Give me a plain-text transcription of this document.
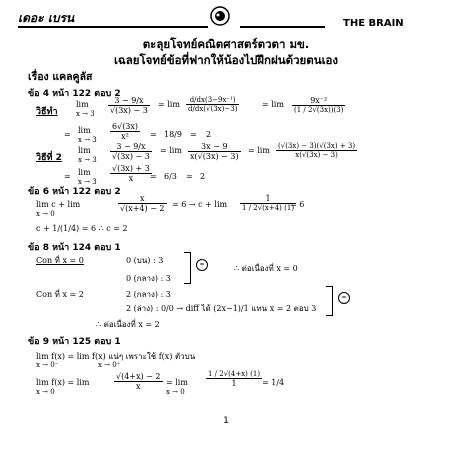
เดอะ เบรน	THE BRAIN
ตะลุยโจทย์คณิตศาสตร์ตวตา มข.
เฉลยโจทย์ข้อที่ฟากให้น้องไปฝึกฝนด้วยตนเอง
เรื่อง แคลคูลัส
ข้อ 4 หน้า 122 ตอบ 2
วิธีทำ
lim
$x \to 3 \frac{3 - 9/x}{√(3x) - 3} = \lim \frac{\text{d/dx(3−9x⁻¹)}}{d/dx(√(3x)-3)}$	= $\lim \frac{\text{9x⁻²}}{(1 / 2√(3x))(3)}$
= lim
$x \to 3 \frac{6√(3x)}{\text{x²}} = 18/9 = 2$
วิธีที่ 2
lim
$x \to 3 \frac{3 - 9/x}{√(3x) - 3} = \lim \frac{3x - 9}{x(√(3x) - 3)} = \lim \frac{(√(3x) - 3)(√(3x) + 3)}{x(√(3x) - 3)}$
= lim
$x \to 3 \frac{√(3x) + 3}{x}$
= 6/3 = 2
ข้อ 6 หน้า 122 ตอบ 2
lim c + lim
x → 0
$\frac{x}{√(x+4) - 2} = 6 \to c + \lim \frac{1}{1 / 2√(x+4) (1)}$
= 6
c + 1/(1/4) = 6 ∴ c = 2
ข้อ 8 หน้า 124 ตอบ 1
Con ที่ x = 0	0 (บน) : 3
0 (กลาง) : 3
=	∴ ต่อเนื่องที่ x = 0
Con ที่ x = 2	2 (กลาง) : 3
2 (ล่าง) : 0/0 → diff ได้ (2x−1)/1 แทน x = 2 ตอบ 3
=
∴ ต่อเนื่องที่ x = 2
ข้อ 9 หน้า 125 ตอบ 1
lim f(x) = lim f(x) แน่ๆ เพราะใช้ f(x) ตัวบน
x → 0⁻	x → 0⁺
lim f(x) = lim
x → 0
$\frac{√(4+x) - 2}{x} = \lim$
x → 0
$\frac{1 / 2√(4+x) (1)}{1} = 1/4$
1
